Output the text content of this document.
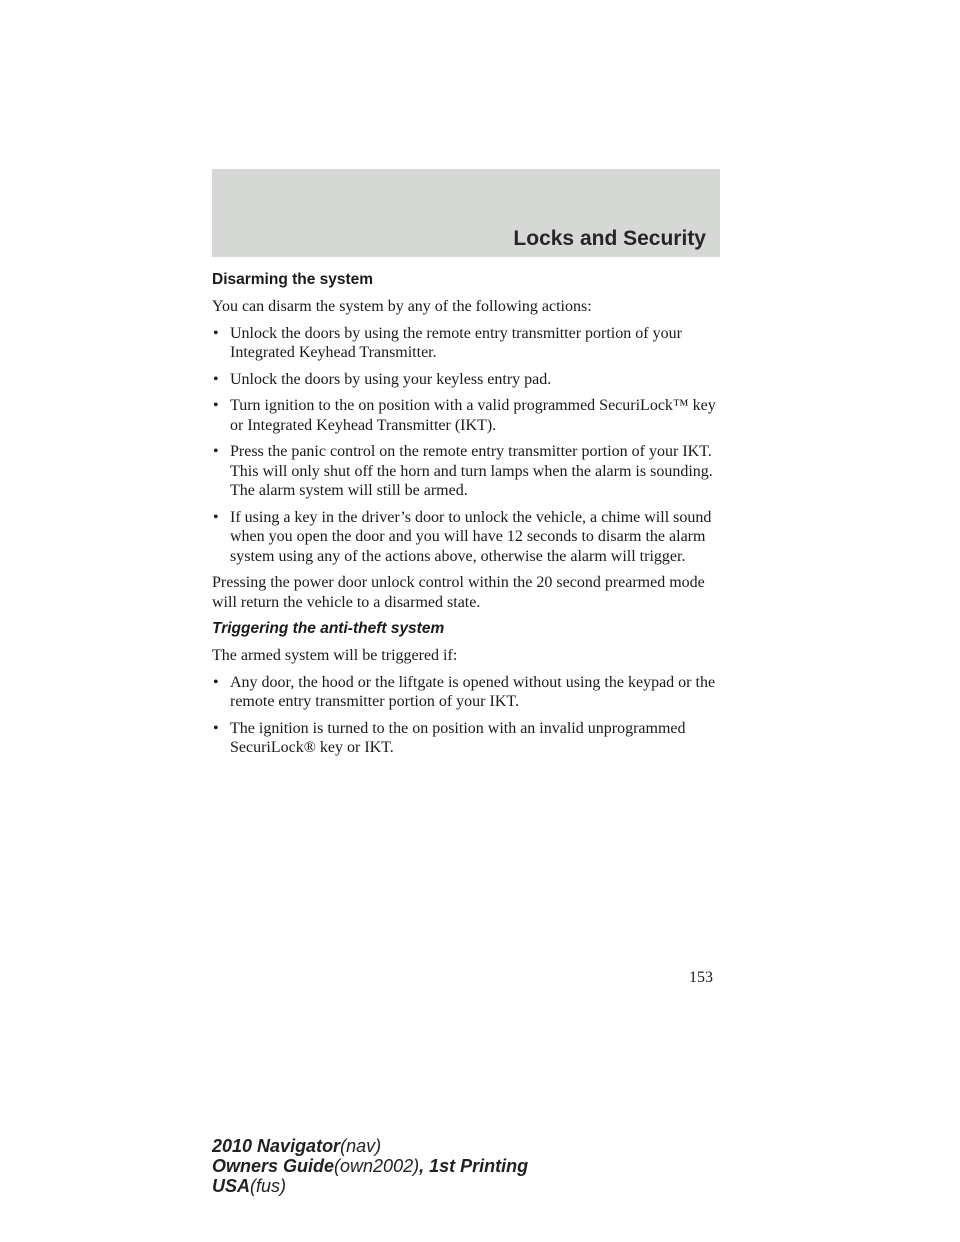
Locks and Security
Disarming the system

You can disarm the system by any of the following actions:

• Unlock the doors by using the remote entry transmitter portion of your Integrated Keyhead Transmitter.
• Unlock the doors by using your keyless entry pad.
• Turn ignition to the on position with a valid programmed SecuriLock™ key or Integrated Keyhead Transmitter (IKT).
• Press the panic control on the remote entry transmitter portion of your IKT. This will only shut off the horn and turn lamps when the alarm is sounding. The alarm system will still be armed.
• If using a key in the driver’s door to unlock the vehicle, a chime will sound when you open the door and you will have 12 seconds to disarm the alarm system using any of the actions above, otherwise the alarm will trigger.

Pressing the power door unlock control within the 20 second prearmed mode will return the vehicle to a disarmed state.

Triggering the anti-theft system

The armed system will be triggered if:

• Any door, the hood or the liftgate is opened without using the keypad or the remote entry transmitter portion of your IKT.
• The ignition is turned to the on position with an invalid unprogrammed SecuriLock® key or IKT.
153
2010 Navigator(nav)
Owners Guide(own2002), 1st Printing
USA(fus)
